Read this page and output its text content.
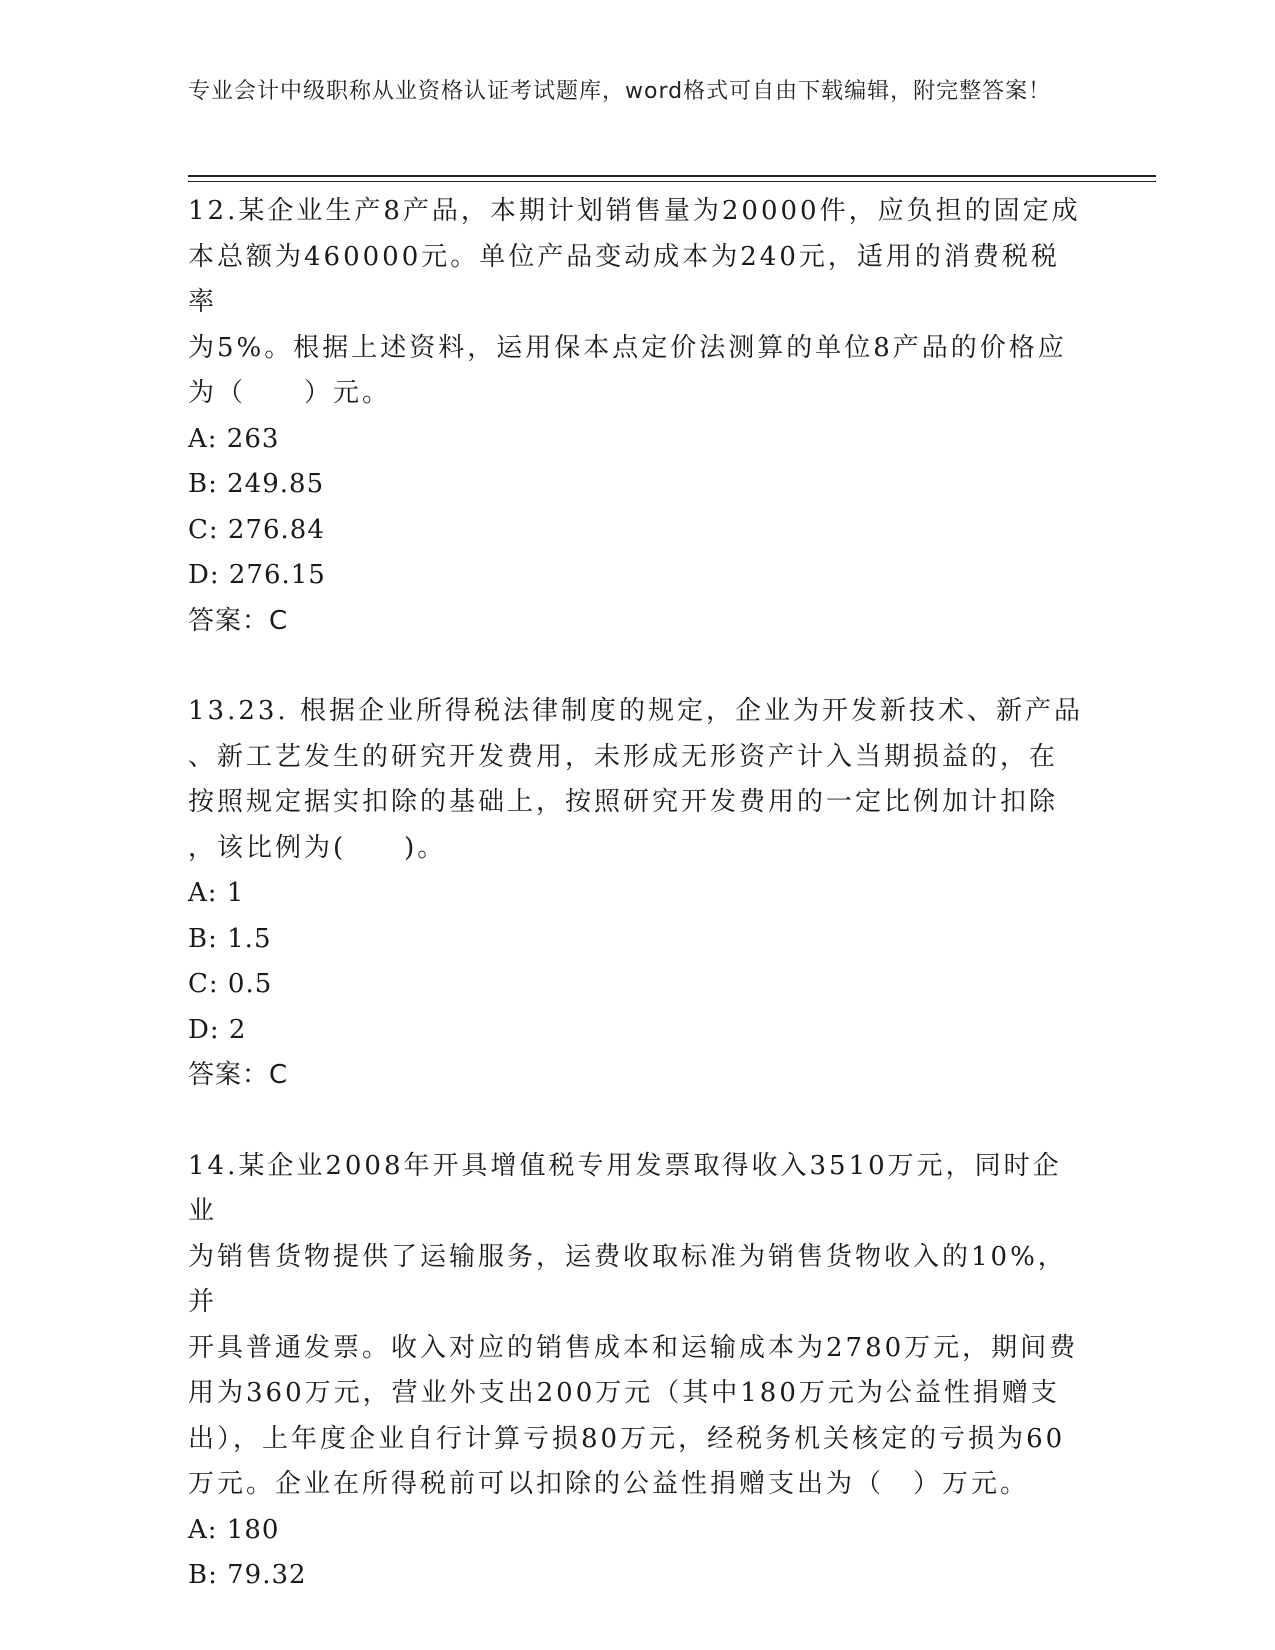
专业会计中级职称从业资格认证考试题库，word格式可自由下载编辑，附完整答案！
12.某企业生产8产品，本期计划销售量为20000件，应负担的固定成
本总额为460000元。单位产品变动成本为240元，适用的消费税税率
为5%。根据上述资料，运用保本点定价法测算的单位8产品的价格应
为（　　）元。
A: 263
B: 249.85
C: 276.84
D: 276.15
答案：C
13.23. 根据企业所得税法律制度的规定，企业为开发新技术、新产品
、新工艺发生的研究开发费用，未形成无形资产计入当期损益的，在
按照规定据实扣除的基础上，按照研究开发费用的一定比例加计扣除
，该比例为(　　)。
A: 1
B: 1.5
C: 0.5
D: 2
答案：C
14.某企业2008年开具增值税专用发票取得收入3510万元，同时企业
为销售货物提供了运输服务，运费收取标准为销售货物收入的10%，并
开具普通发票。收入对应的销售成本和运输成本为2780万元，期间费
用为360万元，营业外支出200万元（其中180万元为公益性捐赠支
出），上年度企业自行计算亏损80万元，经税务机关核定的亏损为60
万元。企业在所得税前可以扣除的公益性捐赠支出为（　）万元。
A: 180
B: 79.32
